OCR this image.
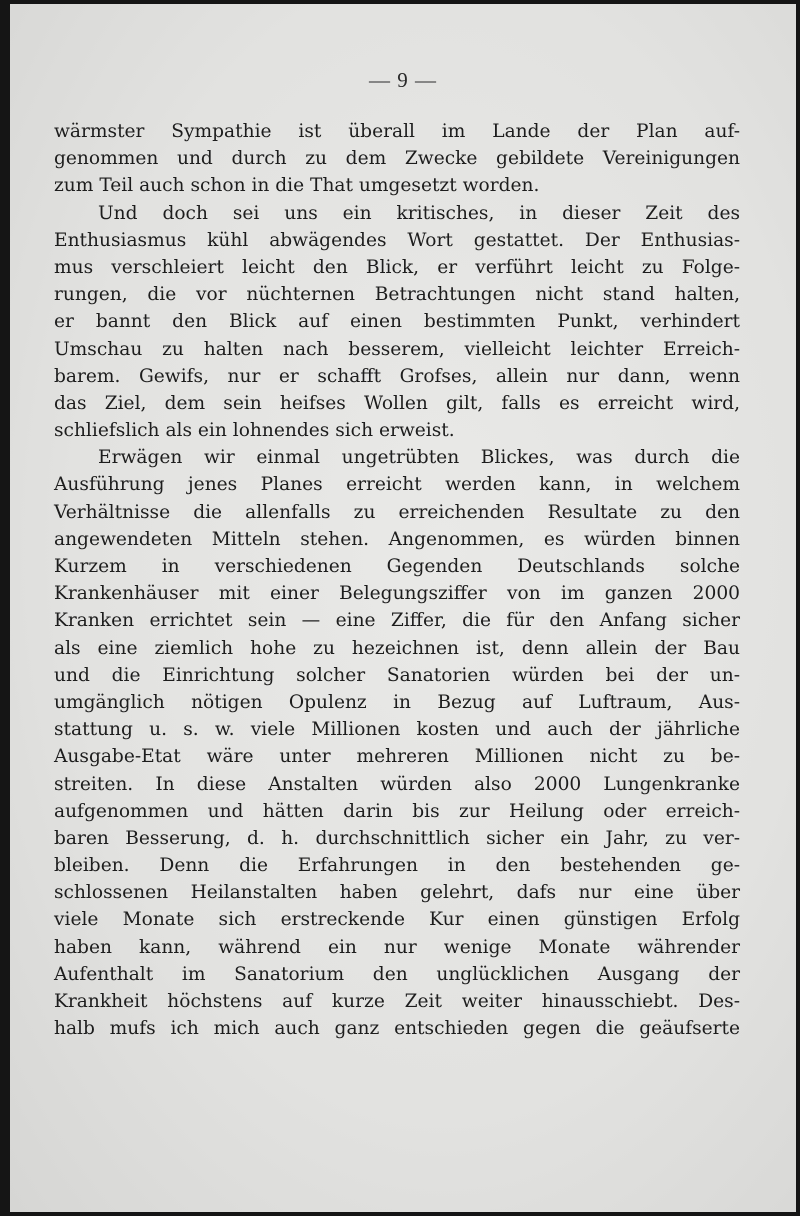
— 9 —
wärmster Sympathie ist überall im Lande der Plan auf-
genommen und durch zu dem Zwecke gebildete Vereinigungen
zum Teil auch schon in die That umgesetzt worden.
Und doch sei uns ein kritisches, in dieser Zeit des
Enthusiasmus kühl abwägendes Wort gestattet. Der Enthusias-
mus verschleiert leicht den Blick, er verführt leicht zu Folge-
rungen, die vor nüchternen Betrachtungen nicht stand halten,
er bannt den Blick auf einen bestimmten Punkt, verhindert
Umschau zu halten nach besserem, vielleicht leichter Erreich-
barem. Gewifs, nur er schafft Grofses, allein nur dann, wenn
das Ziel, dem sein heifses Wollen gilt, falls es erreicht wird,
schliefslich als ein lohnendes sich erweist.
Erwägen wir einmal ungetrübten Blickes, was durch die
Ausführung jenes Planes erreicht werden kann, in welchem
Verhältnisse die allenfalls zu erreichenden Resultate zu den
angewendeten Mitteln stehen. Angenommen, es würden binnen
Kurzem in verschiedenen Gegenden Deutschlands solche
Krankenhäuser mit einer Belegungsziffer von im ganzen 2000
Kranken errichtet sein — eine Ziffer, die für den Anfang sicher
als eine ziemlich hohe zu hezeichnen ist, denn allein der Bau
und die Einrichtung solcher Sanatorien würden bei der un-
umgänglich nötigen Opulenz in Bezug auf Luftraum, Aus-
stattung u. s. w. viele Millionen kosten und auch der jährliche
Ausgabe-Etat wäre unter mehreren Millionen nicht zu be-
streiten. In diese Anstalten würden also 2000 Lungenkranke
aufgenommen und hätten darin bis zur Heilung oder erreich-
baren Besserung, d. h. durchschnittlich sicher ein Jahr, zu ver-
bleiben. Denn die Erfahrungen in den bestehenden ge-
schlossenen Heilanstalten haben gelehrt, dafs nur eine über
viele Monate sich erstreckende Kur einen günstigen Erfolg
haben kann, während ein nur wenige Monate währender
Aufenthalt im Sanatorium den unglücklichen Ausgang der
Krankheit höchstens auf kurze Zeit weiter hinausschiebt. Des-
halb mufs ich mich auch ganz entschieden gegen die geäufserte
